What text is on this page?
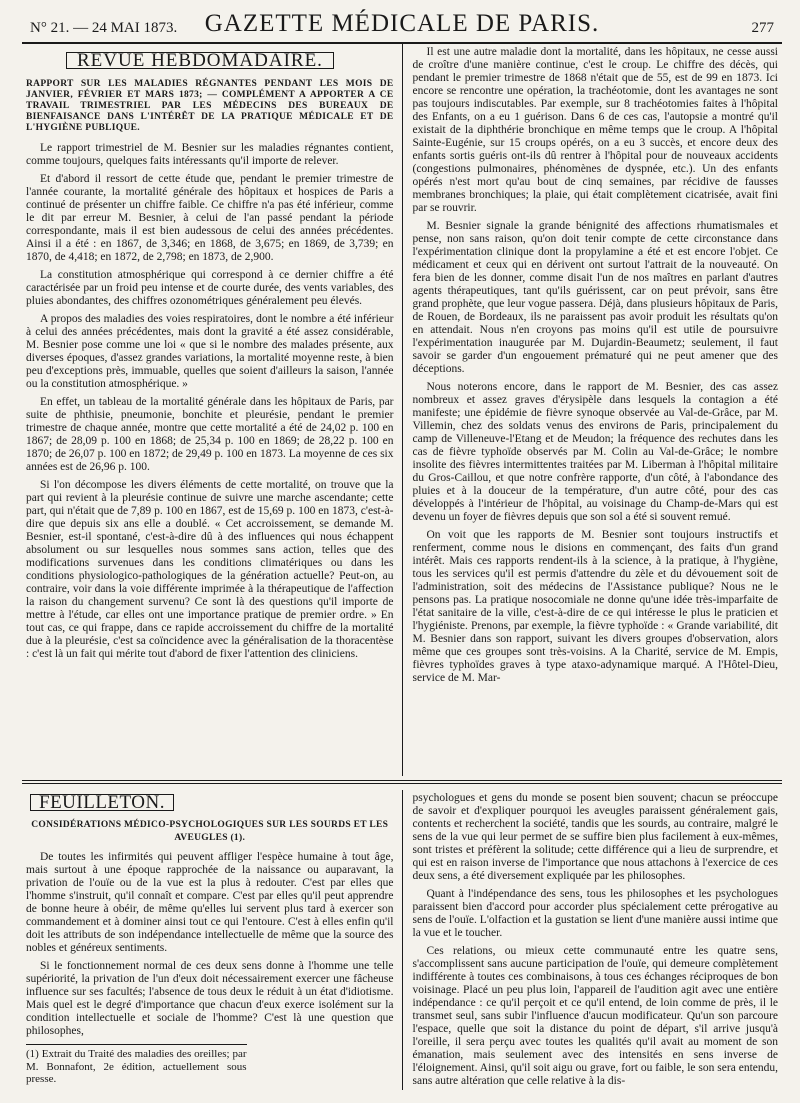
N° 21. — 24 MAI 1873.	GAZETTE MÉDICALE DE PARIS.	277
REVUE HEBDOMADAIRE.
RAPPORT SUR LES MALADIES RÉGNANTES PENDANT LES MOIS DE JANVIER, FÉVRIER ET MARS 1873; — COMPLÉMENT A APPORTER A CE TRAVAIL TRIMESTRIEL PAR LES MÉDECINS DES BUREAUX DE BIENFAISANCE DANS L'INTÉRÊT DE LA PRATIQUE MÉDICALE ET DE L'HYGIÈNE PUBLIQUE.

Le rapport trimestriel de M. Besnier sur les maladies régnantes contient, comme toujours, quelques faits intéressants qu'il importe de relever.

Et d'abord il ressort de cette étude que, pendant le premier trimestre de l'année courante, la mortalité générale des hôpitaux et hospices de Paris a continué de présenter un chiffre faible. Ce chiffre n'a pas été inférieur, comme le dit par erreur M. Besnier, à celui de l'an passé pendant la période correspondante, mais il est bien audessous de celui des années précédentes. Ainsi il a été : en 1867, de 3,346; en 1868, de 3,675; en 1869, de 3,739; en 1870, de 4,418; en 1872, de 2,798; en 1873, de 2,900.

La constitution atmosphérique qui correspond à ce dernier chiffre a été caractérisée par un froid peu intense et de courte durée, des vents variables, des pluies abondantes, des chiffres ozonométriques généralement peu élevés.

A propos des maladies des voies respiratoires, dont le nombre a été inférieur à celui des années précédentes, mais dont la gravité a été assez considérable, M. Besnier pose comme une loi « que si le nombre des malades présente, aux diverses époques, d'assez grandes variations, la mortalité moyenne reste, à bien peu d'exceptions près, immuable, quelles que soient d'ailleurs la saison, l'année ou la constitution atmosphérique. »

En effet, un tableau de la mortalité générale dans les hôpitaux de Paris, par suite de phthisie, pneumonie, bonchite et pleurésie, pendant le premier trimestre de chaque année, montre que cette mortalité a été de 24,02 p. 100 en 1867; de 28,09 p. 100 en 1868; de 25,34 p. 100 en 1869; de 28,22 p. 100 en 1870; de 26,07 p. 100 en 1872; de 29,49 p. 100 en 1873. La moyenne de ces six années est de 26,96 p. 100.

Si l'on décompose les divers éléments de cette mortalité, on trouve que la part qui revient à la pleurésie continue de suivre une marche ascendante; cette part, qui n'était que de 7,89 p. 100 en 1867, est de 15,69 p. 100 en 1873, c'est-à-dire que depuis six ans elle a doublé. « Cet accroissement, se demande M. Besnier, est-il spontané, c'est-à-dire dû à des influences qui nous échappent absolument ou sur lesquelles nous sommes sans action, telles que des modifications survenues dans les conditions climatériques ou dans les conditions physiologico-pathologiques de la génération actuelle? Peut-on, au contraire, voir dans la voie différente imprimée à la thérapeutique de l'affection la raison du changement survenu? Ce sont là des questions qu'il importe de mettre à l'étude, car elles ont une importance pratique de premier ordre. » En tout cas, ce qui frappe, dans ce rapide accroissement du chiffre de la mortalité due à la pleurésie, c'est sa coïncidence avec la généralisation de la thoracentèse : c'est là un fait qui mérite tout d'abord de fixer l'attention des cliniciens.

Il est une autre maladie dont la mortalité, dans les hôpitaux, ne cesse aussi de croître d'une manière continue, c'est le croup. Le chiffre des décès, qui pendant le premier trimestre de 1868 n'était que de 55, est de 99 en 1873. Ici encore se rencontre une opération, la trachéotomie, dont les avantages ne sont pas toujours indiscutables. Par exemple, sur 8 trachéotomies faites à l'hôpital des Enfants, on a eu 1 guérison. Dans 6 de ces cas, l'autopsie a montré qu'il existait de la diphthérie bronchique en même temps que le croup. A l'hôpital Sainte-Eugénie, sur 15 croups opérés, on a eu 3 succès, et encore deux des enfants sortis guéris ont-ils dû rentrer à l'hôpital pour de nouveaux accidents (congestions pulmonaires, phénomènes de dyspnée, etc.). Un des enfants opérés n'est mort qu'au bout de cinq semaines, par récidive de fausses membranes bronchiques; la plaie, qui était complètement cicatrisée, avait fini par se rouvrir.

M. Besnier signale la grande bénignité des affections rhumatismales et pense, non sans raison, qu'on doit tenir compte de cette circonstance dans l'expérimentation clinique dont la propylamine a été et est encore l'objet. Ce médicament et ceux qui en dérivent ont surtout l'attrait de la nouveauté. On fera bien de les donner, comme disait l'un de nos maîtres en parlant d'autres agents thérapeutiques, tant qu'ils guérissent, car on peut prévoir, sans être grand prophète, que leur vogue passera. Déjà, dans plusieurs hôpitaux de Paris, de Rouen, de Bordeaux, ils ne paraissent pas avoir produit les résultats qu'on en attendait. Nous n'en croyons pas moins qu'il est utile de poursuivre l'expérimentation inaugurée par M. Dujardin-Beaumetz; seulement, il faut savoir se garder d'un engouement prématuré qui ne peut amener que des déceptions.

Nous noterons encore, dans le rapport de M. Besnier, des cas assez nombreux et assez graves d'érysipèle dans lesquels la contagion a été manifeste; une épidémie de fièvre synoque observée au Val-de-Grâce, par M. Villemin, chez des soldats venus des environs de Paris, principalement du camp de Villeneuve-l'Etang et de Meudon; la fréquence des rechutes dans les cas de fièvre typhoïde observés par M. Colin au Val-de-Grâce; le nombre insolite des fièvres intermittentes traitées par M. Liberman à l'hôpital militaire du Gros-Caillou, et que notre confrère rapporte, d'un côté, à l'abondance des pluies et à la douceur de la température, d'un autre côté, pour des cas développés à l'intérieur de l'hôpital, au voisinage du Champ-de-Mars qui est devenu un foyer de fièvres depuis que son sol a été si souvent remué.

On voit que les rapports de M. Besnier sont toujours instructifs et renferment, comme nous le disions en commençant, des faits d'un grand intérêt. Mais ces rapports rendent-ils à la science, à la pratique, à l'hygiène, tous les services qu'il est permis d'attendre du zèle et du dévouement soit de l'administration, soit des médecins de l'Assistance publique? Nous ne le pensons pas. La pratique nosocomiale ne donne qu'une idée très-imparfaite de l'état sanitaire de la ville, c'est-à-dire de ce qui intéresse le plus le praticien et l'hygiéniste. Prenons, par exemple, la fièvre typhoïde : « Grande variabilité, dit M. Besnier dans son rapport, suivant les divers groupes d'observation, alors même que ces groupes sont très-voisins. A la Charité, service de M. Empis, fièvres typhoïdes graves à type ataxo-adynamique marqué. A l'Hôtel-Dieu, service de M. Mar-

FEUILLETON.
CONSIDÉRATIONS MÉDICO-PSYCHOLOGIQUES SUR LES SOURDS ET LES AVEUGLES (1).

De toutes les infirmités qui peuvent affliger l'espèce humaine à tout âge, mais surtout à une époque rapprochée de la naissance ou auparavant, la privation de l'ouïe ou de la vue est la plus à redouter. C'est par elles que l'homme s'instruit, qu'il connaît et compare. C'est par elles qu'il peut apprendre de bonne heure à obéir, de même qu'elles lui servent plus tard à exercer son commandement et à dominer ainsi tout ce qui l'entoure. C'est à elles enfin qu'il doit les attributs de son indépendance intellectuelle de même que la source des nobles et généreux sentiments.

Si le fonctionnement normal de ces deux sens donne à l'homme une telle supériorité, la privation de l'un d'eux doit nécessairement exercer une fâcheuse influence sur ses facultés; l'absence de tous deux le réduit à un état d'idiotisme. Mais quel est le degré d'importance que chacun d'eux exerce isolément sur la condition intellectuelle et sociale de l'homme? C'est là une question que philosophes,

(1) Extrait du Traité des maladies des oreilles; par M. Bonnafont, 2e édition, actuellement sous presse.

psychologues et gens du monde se posent bien souvent; chacun se préoccupe de savoir et d'expliquer pourquoi les aveugles paraissent généralement gais, contents et recherchent la société, tandis que les sourds, au contraire, malgré le sens de la vue qui leur permet de se suffire bien plus facilement à eux-mêmes, sont tristes et préfèrent la solitude; cette différence qui a lieu de surprendre, et qui est en raison inverse de l'importance que nous attachons à l'exercice de ces deux sens, a été diversement expliquée par les philosophes.

Quant à l'indépendance des sens, tous les philosophes et les psychologues paraissent bien d'accord pour accorder plus spécialement cette prérogative au sens de l'ouïe. L'olfaction et la gustation se lient d'une manière aussi intime que la vue et le toucher.

Ces relations, ou mieux cette communauté entre les quatre sens, s'accomplissent sans aucune participation de l'ouïe, qui demeure complètement indifférente à toutes ces combinaisons, à tous ces échanges réciproques de bon voisinage. Placé un peu plus loin, l'appareil de l'audition agit avec une entière indépendance : ce qu'il perçoit et ce qu'il entend, de loin comme de près, il le transmet seul, sans subir l'influence d'aucun modificateur. Qu'un son parcoure l'espace, quelle que soit la distance du point de départ, s'il arrive jusqu'à l'oreille, il sera perçu avec toutes les qualités qu'il avait au moment de son émanation, mais seulement avec des intensités en sens inverse de l'éloignement. Ainsi, qu'il soit aigu ou grave, fort ou faible, le son sera entendu, sans autre altération que celle relative à la dis-
